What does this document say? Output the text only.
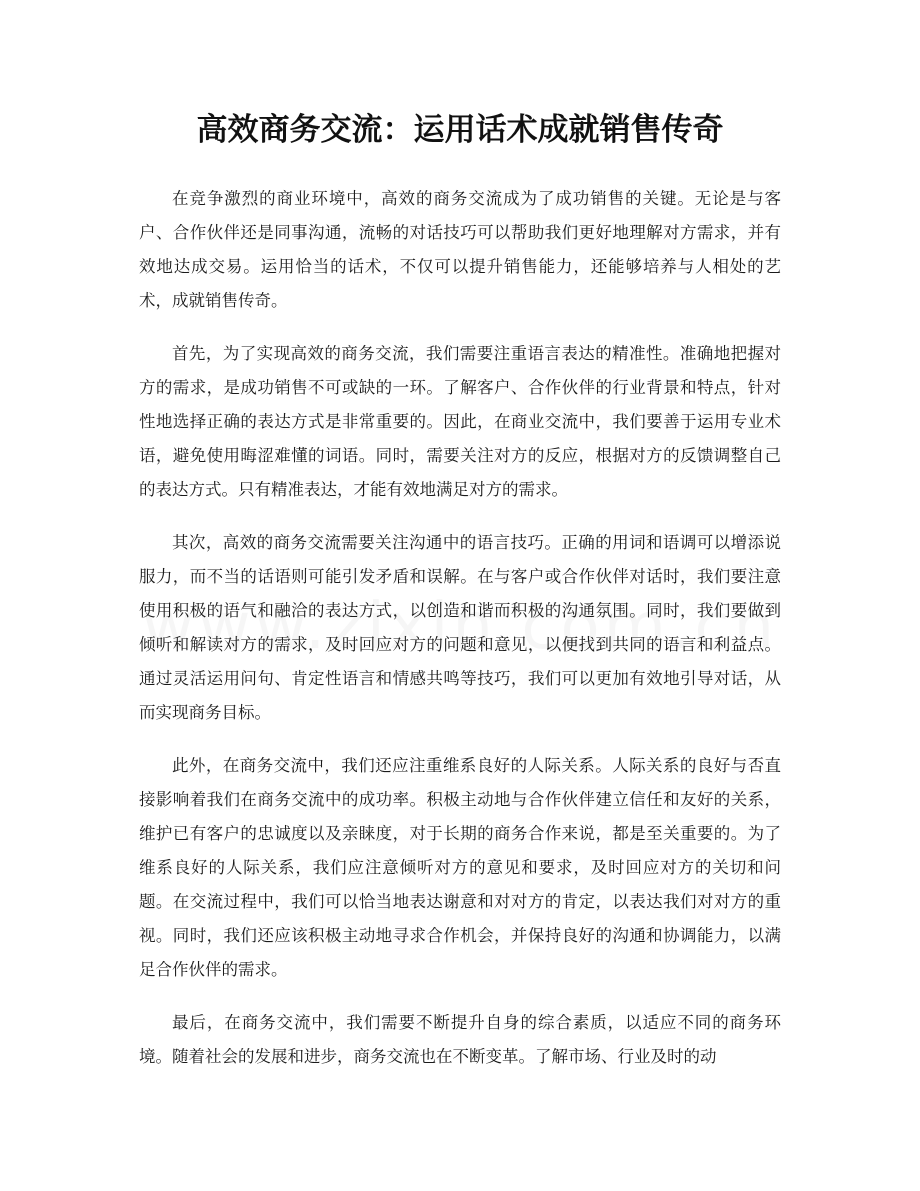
高效商务交流：运用话术成就销售传奇

在竞争激烈的商业环境中，高效的商务交流成为了成功销售的关键。无论是与客户、合作伙伴还是同事沟通，流畅的对话技巧可以帮助我们更好地理解对方需求，并有效地达成交易。运用恰当的话术，不仅可以提升销售能力，还能够培养与人相处的艺术，成就销售传奇。

首先，为了实现高效的商务交流，我们需要注重语言表达的精准性。准确地把握对方的需求，是成功销售不可或缺的一环。了解客户、合作伙伴的行业背景和特点，针对性地选择正确的表达方式是非常重要的。因此，在商业交流中，我们要善于运用专业术语，避免使用晦涩难懂的词语。同时，需要关注对方的反应，根据对方的反馈调整自己的表达方式。只有精准表达，才能有效地满足对方的需求。

其次，高效的商务交流需要关注沟通中的语言技巧。正确的用词和语调可以增添说服力，而不当的话语则可能引发矛盾和误解。在与客户或合作伙伴对话时，我们要注意使用积极的语气和融洽的表达方式，以创造和谐而积极的沟通氛围。同时，我们要做到倾听和解读对方的需求，及时回应对方的问题和意见，以便找到共同的语言和利益点。通过灵活运用问句、肯定性语言和情感共鸣等技巧，我们可以更加有效地引导对话，从而实现商务目标。

此外，在商务交流中，我们还应注重维系良好的人际关系。人际关系的良好与否直接影响着我们在商务交流中的成功率。积极主动地与合作伙伴建立信任和友好的关系，维护已有客户的忠诚度以及亲睐度，对于长期的商务合作来说，都是至关重要的。为了维系良好的人际关系，我们应注意倾听对方的意见和要求，及时回应对方的关切和问题。在交流过程中，我们可以恰当地表达谢意和对对方的肯定，以表达我们对对方的重视。同时，我们还应该积极主动地寻求合作机会，并保持良好的沟通和协调能力，以满足合作伙伴的需求。

最后，在商务交流中，我们需要不断提升自身的综合素质，以适应不同的商务环境。随着社会的发展和进步，商务交流也在不断变革。了解市场、行业及时的动
